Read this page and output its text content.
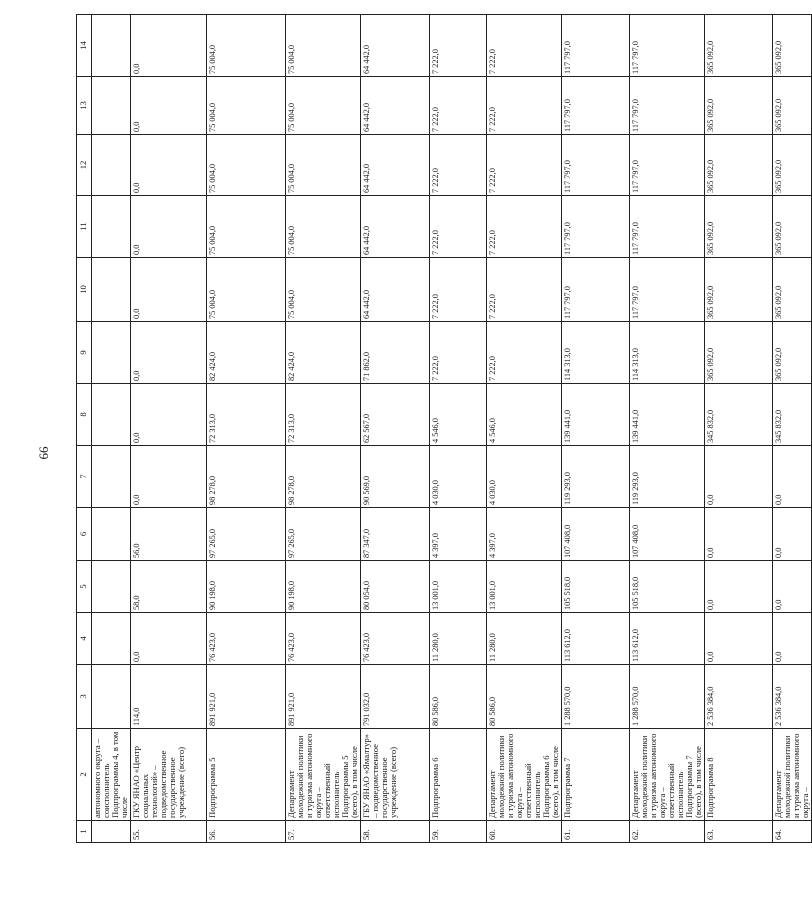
66
1	2	3	4	5	6	7	8	9	10	11	12	13	14
	автономного округа – соисполнитель Подпрограммы 4, в том числе												
55.	ГКУ ЯНАО «Центр социальных технологий» – подведомственное государственное учреждение (всего)	114,0	0,0	58,0	56,0	0,0	0,0	0,0	0,0	0,0	0,0	0,0	0,0

56.	Подпрограмма 5	891 921,0	76 423,0	90 198,0	97 265,0	98 278,0	72 313,0	82 424,0	75 004,0	75 004,0	75 004,0	75 004,0	75 004,0

57.	Департамент молодежной политики и туризма автономного округа – ответственный исполнитель Подпрограммы 5 (всего), в том числе	891 921,0	76 423,0	90 198,0	97 265,0	98 278,0	72 313,0	82 424,0	75 004,0	75 004,0	75 004,0	75 004,0	75 004,0

58.	ГБУ ЯНАО «Ямалтур» – подведомственное государственное учреждение (всего)	791 032,0	76 423,0	80 054,0	87 347,0	90 569,0	62 567,0	71 862,0	64 442,0	64 442,0	64 442,0	64 442,0	64 442,0

59.	Подпрограмма 6	80 586,0	11 280,0	13 001,0	4 397,0	4 030,0	4 546,0	7 222,0	7 222,0	7 222,0	7 222,0	7 222,0	7 222,0

60.	Департамент молодежной политики и туризма автономного округа – ответственный исполнитель Подпрограммы 6 (всего), в том числе	80 586,0	11 280,0	13 001,0	4 397,0	4 030,0	4 546,0	7 222,0	7 222,0	7 222,0	7 222,0	7 222,0	7 222,0

61.	Подпрограмма 7	1 288 570,0	113 612,0	105 518,0	107 408,0	119 293,0	139 441,0	114 313,0	117 797,0	117 797,0	117 797,0	117 797,0	117 797,0

62.	Департамент молодежной политики и туризма автономного округа – ответственный исполнитель Подпрограммы 7 (всего), в том числе	1 288 570,0	113 612,0	105 518,0	107 408,0	119 293,0	139 441,0	114 313,0	117 797,0	117 797,0	117 797,0	117 797,0	117 797,0

63.	Подпрограмма 8	2 536 384,0	0,0	0,0	0,0	0,0	345 832,0	365 092,0	365 092,0	365 092,0	365 092,0	365 092,0	365 092,0

64.	Департамент молодежной политики и туризма автономного округа –	2 536 384,0	0,0	0,0	0,0	0,0	345 832,0	365 092,0	365 092,0	365 092,0	365 092,0	365 092,0	365 092,0
